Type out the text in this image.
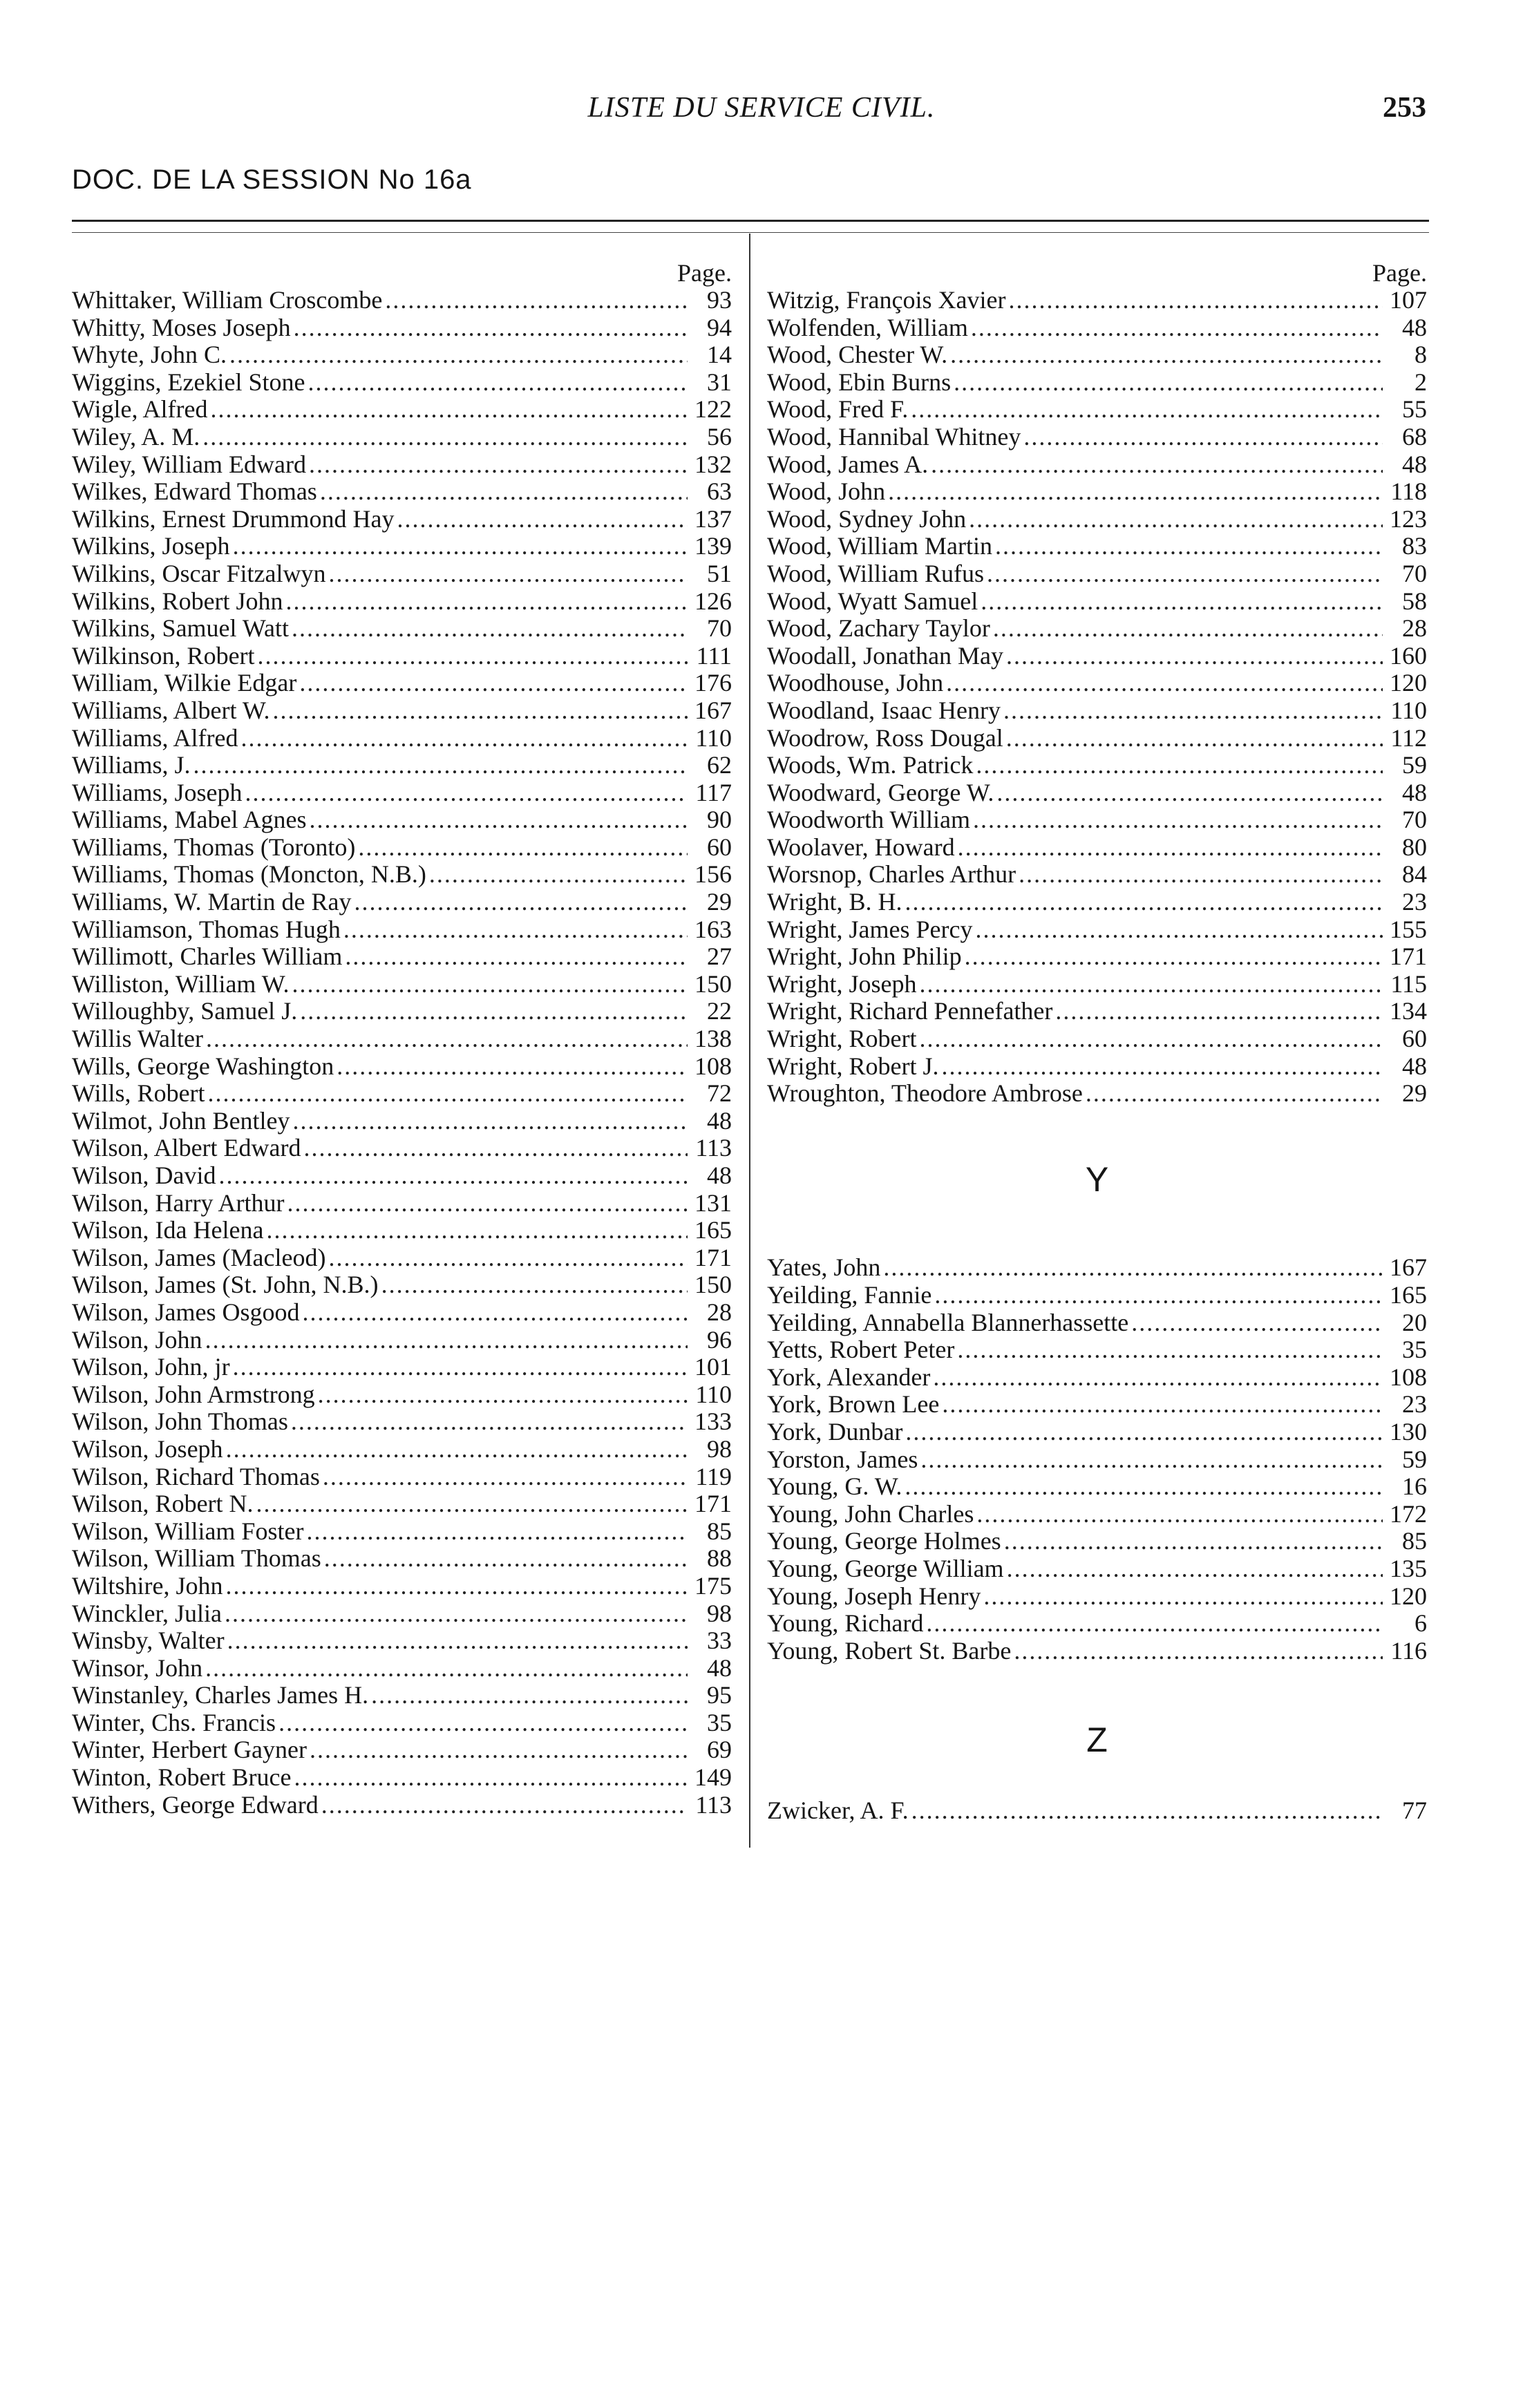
LISTE DU SERVICE CIVIL.	253
DOC. DE LA SESSION No 16a
Page.
Whittaker, William Croscombe .....	93
Whitty, Moses Joseph .....	94
Whyte, John C. .....	14
Wiggins, Ezekiel Stone .....	31
Wigle, Alfred .....	122
Wiley, A. M. .....	56
Wiley, William Edward .....	132
Wilkes, Edward Thomas .....	63
Wilkins, Ernest Drummond Hay .....	137
Wilkins, Joseph .....	139
Wilkins, Oscar Fitzalwyn .....	51
Wilkins, Robert John .....	126
Wilkins, Samuel Watt .....	70
Wilkinson, Robert .....	111
William, Wilkie Edgar .....	176
Williams, Albert W. .....	167
Williams, Alfred .....	110
Williams, J. .....	62
Williams, Joseph .....	117
Williams, Mabel Agnes .....	90
Williams, Thomas (Toronto) .....	60
Williams, Thomas (Moncton, N.B.) .....	156
Williams, W. Martin de Ray .....	29
Williamson, Thomas Hugh .....	163
Willimott, Charles William .....	27
Williston, William W. .....	150
Willoughby, Samuel J. .....	22
Willis Walter .....	138
Wills, George Washington .....	108
Wills, Robert .....	72
Wilmot, John Bentley .....	48
Wilson, Albert Edward .....	113
Wilson, David .....	48
Wilson, Harry Arthur .....	131
Wilson, Ida Helena .....	165
Wilson, James (Macleod) .....	171
Wilson, James (St. John, N.B.) .....	150
Wilson, James Osgood .....	28
Wilson, John .....	96
Wilson, John, jr .....	101
Wilson, John Armstrong .....	110
Wilson, John Thomas .....	133
Wilson, Joseph .....	98
Wilson, Richard Thomas .....	119
Wilson, Robert N. .....	171
Wilson, William Foster .....	85
Wilson, William Thomas .....	88
Wiltshire, John .....	175
Winckler, Julia .....	98
Winsby, Walter .....	33
Winsor, John .....	48
Winstanley, Charles James H. .....	95
Winter, Chs. Francis .....	35
Winter, Herbert Gayner .....	69
Winton, Robert Bruce .....	149
Withers, George Edward .....	113
Page.
Witzig, François Xavier .....	107
Wolfenden, William .....	48
Wood, Chester W. .....	8
Wood, Ebin Burns .....	2
Wood, Fred F. .....	55
Wood, Hannibal Whitney .....	68
Wood, James A. .....	48
Wood, John .....	118
Wood, Sydney John .....	123
Wood, William Martin .....	83
Wood, William Rufus .....	70
Wood, Wyatt Samuel .....	58
Wood, Zachary Taylor .....	28
Woodall, Jonathan May .....	160
Woodhouse, John .....	120
Woodland, Isaac Henry .....	110
Woodrow, Ross Dougal .....	112
Woods, Wm. Patrick .....	59
Woodward, George W. .....	48
Woodworth William .....	70
Woolaver, Howard .....	80
Worsnop, Charles Arthur .....	84
Wright, B. H. .....	23
Wright, James Percy .....	155
Wright, John Philip .....	171
Wright, Joseph .....	115
Wright, Richard Pennefather .....	134
Wright, Robert .....	60
Wright, Robert J. .....	48
Wroughton, Theodore Ambrose .....	29
Y
Yates, John .....	167
Yeilding, Fannie .....	165
Yeilding, Annabella Blannerhassette .....	20
Yetts, Robert Peter .....	35
York, Alexander .....	108
York, Brown Lee .....	23
York, Dunbar .....	130
Yorston, James .....	59
Young, G. W. .....	16
Young, John Charles .....	172
Young, George Holmes .....	85
Young, George William .....	135
Young, Joseph Henry .....	120
Young, Richard .....	6
Young, Robert St. Barbe .....	116
Z
Zwicker, A. F. .....	77
